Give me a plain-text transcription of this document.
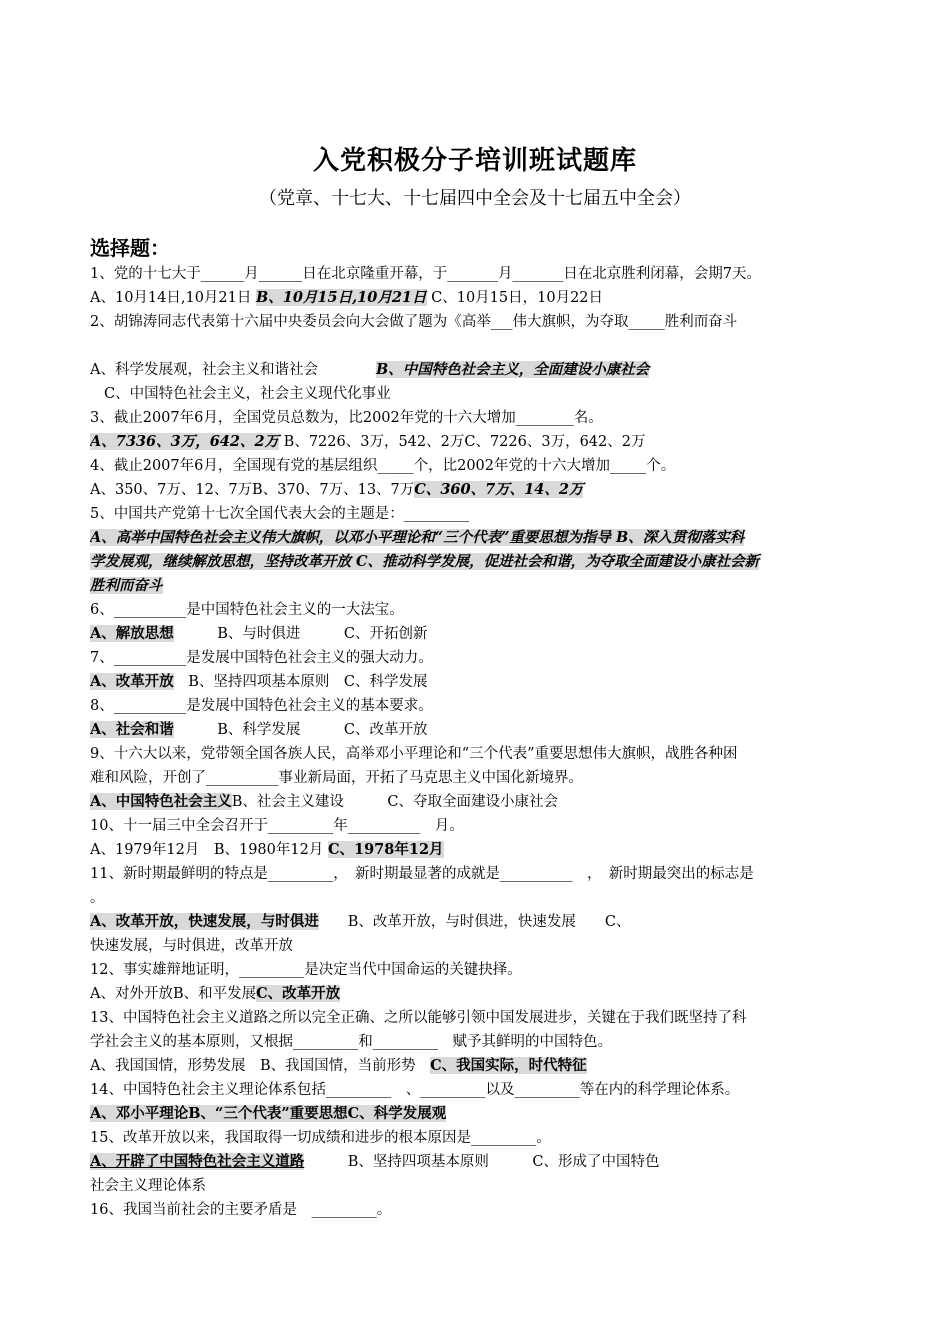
入党积极分子培训班试题库
（党章、十七大、十七届四中全会及十七届五中全会）
选择题：
1、党的十七大于______月______日在北京隆重开幕，于_______月_______日在北京胜利闭幕，会期7天。
A、10月14日,10月21日 B、10月15日,10月21日 C、10月15日，10月22日
2、胡锦涛同志代表第十六届中央委员会向大会做了题为《高举___伟大旗帜，为夺取_____胜利而奋斗
A、科学发展观，社会主义和谐社会　　　　B、中国特色社会主义，全面建设小康社会
C、中国特色社会主义，社会主义现代化事业
3、截止2007年6月，全国党员总数为，比2002年党的十六大增加________名。
A、7336、3万，642、2万 B、7226、3万，542、2万C、7226、3万，642、2万
4、截止2007年6月，全国现有党的基层组织_____个，比2002年党的十六大增加_____个。
A、350、7万、12、7万B、370、7万、13、7万C、360、7万、14、2万
5、中国共产党第十七次全国代表大会的主题是：_________
A、高举中国特色社会主义伟大旗帜，以邓小平理论和“三个代表”重要思想为指导 B、深入贯彻落实科
学发展观，继续解放思想，坚持改革开放 C、推动科学发展，促进社会和谐，为夺取全面建设小康社会新
胜利而奋斗
6、__________是中国特色社会主义的一大法宝。
A、解放思想　　　B、与时俱进　　　C、开拓创新
7、__________是发展中国特色社会主义的强大动力。
A、改革开放　B、坚持四项基本原则　C、科学发展
8、__________是发展中国特色社会主义的基本要求。
A、社会和谐　　　B、科学发展　　　C、改革开放
9、十六大以来，党带领全国各族人民，高举邓小平理论和“三个代表”重要思想伟大旗帜，战胜各种困
难和风险，开创了__________事业新局面，开拓了马克思主义中国化新境界。
A、中国特色社会主义B、社会主义建设　　　C、夺取全面建设小康社会
10、十一届三中全会召开于_________年__________　月。
A、1979年12月　B、1980年12月 C、1978年12月
11、新时期最鲜明的特点是_________，　新时期最显著的成就是__________　，　新时期最突出的标志是
。
A、改革开放，快速发展，与时俱进　　B、改革开放，与时俱进，快速发展　　C、
快速发展，与时俱进，改革开放
12、事实雄辩地证明，_________是决定当代中国命运的关键抉择。
A、对外开放B、和平发展C、改革开放
13、中国特色社会主义道路之所以完全正确、之所以能够引领中国发展进步，关键在于我们既坚持了科
学社会主义的基本原则，又根据_________和_________　赋予其鲜明的中国特色。
A、我国国情，形势发展　B、我国国情，当前形势　C、我国实际，时代特征
14、中国特色社会主义理论体系包括_________　、_________以及_________等在内的科学理论体系。
A、邓小平理论B、“三个代表”重要思想C、科学发展观
15、改革开放以来，我国取得一切成绩和进步的根本原因是_________。
A、开辟了中国特色社会主义道路　　　B、坚持四项基本原则　　　C、形成了中国特色
社会主义理论体系
16、我国当前社会的主要矛盾是　_________。
